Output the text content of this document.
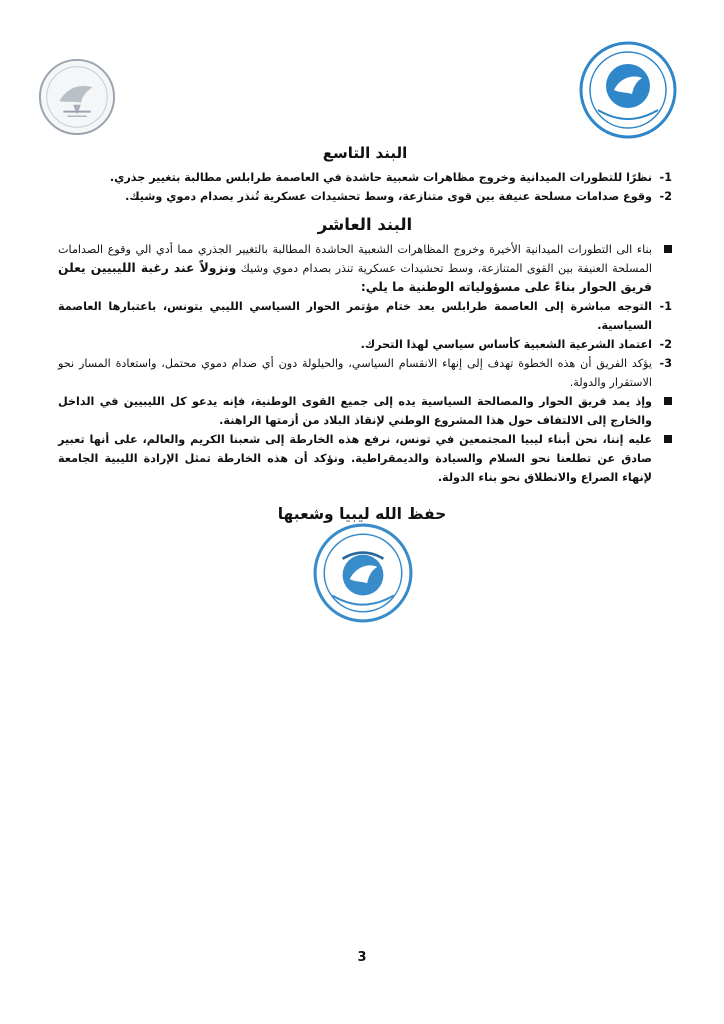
البند التاسع
1-
نظرًا للتطورات الميدانية وخروج مظاهرات شعبية حاشدة في العاصمة طرابلس مطالبة بتغيير جذري.
2-
وقوع صدامات مسلحة عنيفة بين قوى متنازعة، وسط تحشيدات عسكرية تُنذر بصدام دموي وشيك.
البند العاشر
بناء الى التطورات الميدانية الأخيرة وخروج المظاهرات الشعبية الحاشدة المطالبة بالتغيير الجذري مما أدي الي وقوع الصدامات المسلحة العنيفة بين القوى المتنازعة، وسط تحشيدات عسكرية تنذر بصدام دموي وشيك ونزولاً عند رغبة الليبيين يعلن فريق الحوار بناءً على مسؤولياته الوطنية ما يلي:
1-
التوجه مباشرة إلى العاصمة طرابلس بعد ختام مؤتمر الحوار السياسي الليبي بتونس، باعتبارها العاصمة السياسية.
2-
اعتماد الشرعية الشعبية كأساس سياسي لهذا التحرك.
3-
يؤكد الفريق أن هذه الخطوة تهدف إلى إنهاء الانقسام السياسي، والحيلولة دون أي صدام دموي محتمل، واستعادة المسار نحو الاستقرار والدولة.
وإذ يمد فريق الحوار والمصالحة السياسية يده إلى جميع القوى الوطنية، فإنه يدعو كل الليبيين في الداخل والخارج إلى الالتفاف حول هذا المشروع الوطني لإنقاذ البلاد من أزمتها الراهنة.
عليه إننا، نحن أبناء ليبيا المجتمعين في تونس، نرفع هذه الخارطة إلى شعبنا الكريم والعالم، على أنها تعبير صادق عن تطلعنا نحو السلام والسيادة والديمقراطية. ونؤكد أن هذه الخارطة تمثل الإرادة الليبية الجامعة لإنهاء الصراع والانطلاق نحو بناء الدولة.
حفظ الله ليبيا وشعبها
3
